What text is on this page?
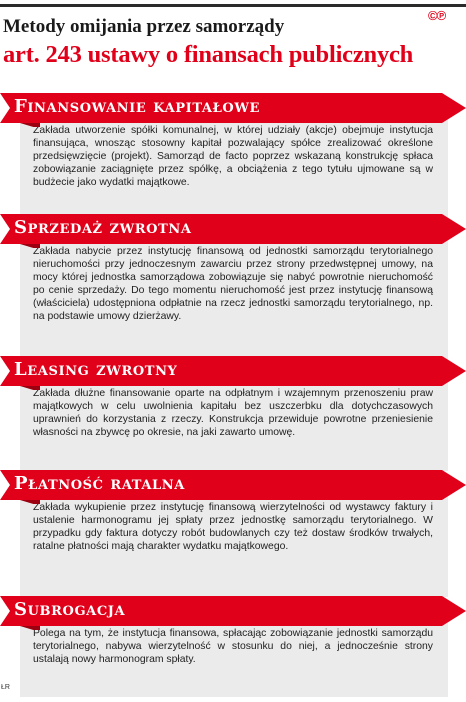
Metody omijania przez samorządy
art. 243 ustawy o finansach publicznych
©℗

Zakłada utworzenie spółki komunalnej, w której udziały (akcje) obejmuje instytucja finansująca, wnosząc stosowny kapitał pozwalający spółce zrealizować określone przedsięwzięcie (projekt). Samorząd de facto poprzez wskazaną konstrukcję spłaca zobowiązanie zaciągnięte przez spółkę, a obciążenia z tego tytułu ujmowane są w budżecie jako wydatki majątkowe.

Finansowanie kapitałowe

Zakłada nabycie przez instytucję finansową od jednostki samorządu terytorialnego nieruchomości przy jednoczesnym zawarciu przez strony przedwstępnej umowy, na mocy której jednostka samorządowa zobowiązuje się nabyć powrotnie nieruchomość po cenie sprzedaży. Do tego momentu nieruchomość jest przez instytucję finansową (właściciela) udostępniona odpłatnie na rzecz jednostki samorządu terytorialnego, np. na podstawie umowy dzierżawy.

Sprzedaż zwrotna

Zakłada dłużne finansowanie oparte na odpłatnym i wzajemnym przenoszeniu praw majątkowych w celu uwolnienia kapitału bez uszczerbku dla dotychczasowych uprawnień do korzystania z rzeczy. Konstrukcja przewiduje powrotne przeniesienie własności na zbywcę po okresie, na jaki zawarto umowę.

Leasing zwrotny

Zakłada wykupienie przez instytucję finansową wierzytelności od wystawcy faktury i ustalenie harmonogramu jej spłaty przez jednostkę samorządu terytorialnego. W przypadku gdy faktura dotyczy robót budowlanych czy też dostaw środków trwałych, ratalne płatności mają charakter wydatku majątkowego.

Płatność ratalna

Polega na tym, że instytucja finansowa, spłacając zobowiązanie jednostki samorządu terytorialnego, nabywa wierzytelność w stosunku do niej, a jednocześnie strony ustalają nowy harmonogram spłaty.

Subrogacja
ŁR
